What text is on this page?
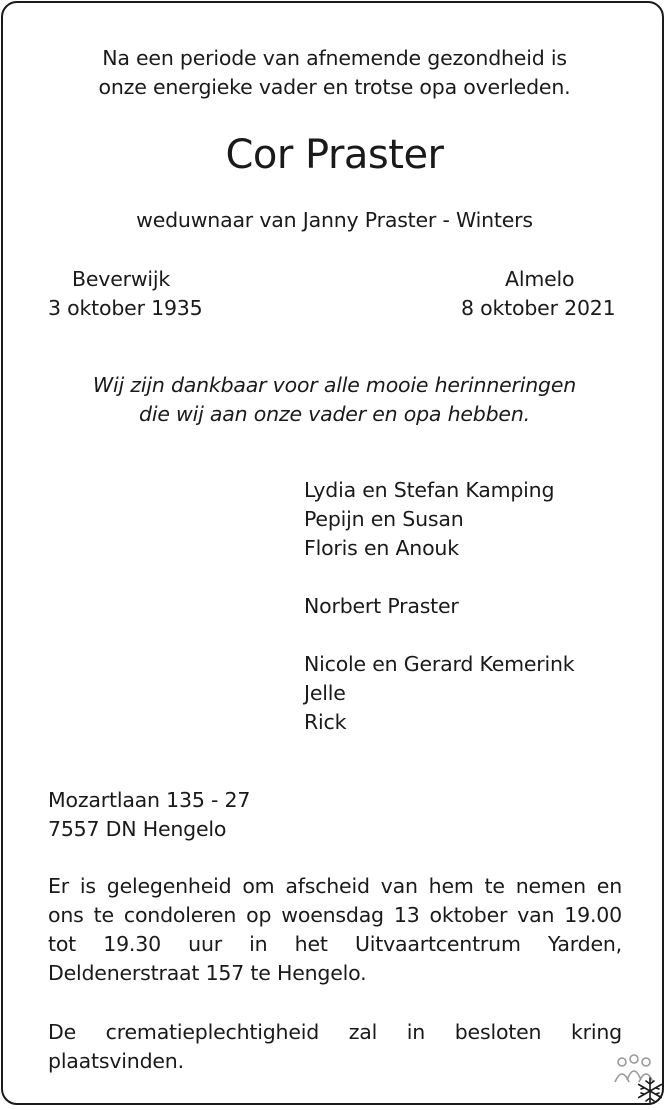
Na een periode van afnemende gezondheid is
onze energieke vader en trotse opa overleden.
Cor Praster
weduwnaar van Janny Praster - Winters
Beverwijk
3 oktober 1935
Almelo
8 oktober 2021
Wij zijn dankbaar voor alle mooie herinneringen
die wij aan onze vader en opa hebben.
Lydia en Stefan Kamping
Pepijn en Susan
Floris en Anouk
Norbert Praster
Nicole en Gerard Kemerink
Jelle
Rick
Mozartlaan 135 - 27
7557 DN Hengelo
Er is gelegenheid om afscheid van hem te nemen en
ons te condoleren op woensdag 13 oktober van 19.00
tot 19.30 uur in het Uitvaartcentrum Yarden,
Deldenerstraat 157 te Hengelo.
De crematieplechtigheid zal in besloten kring
plaatsvinden.
